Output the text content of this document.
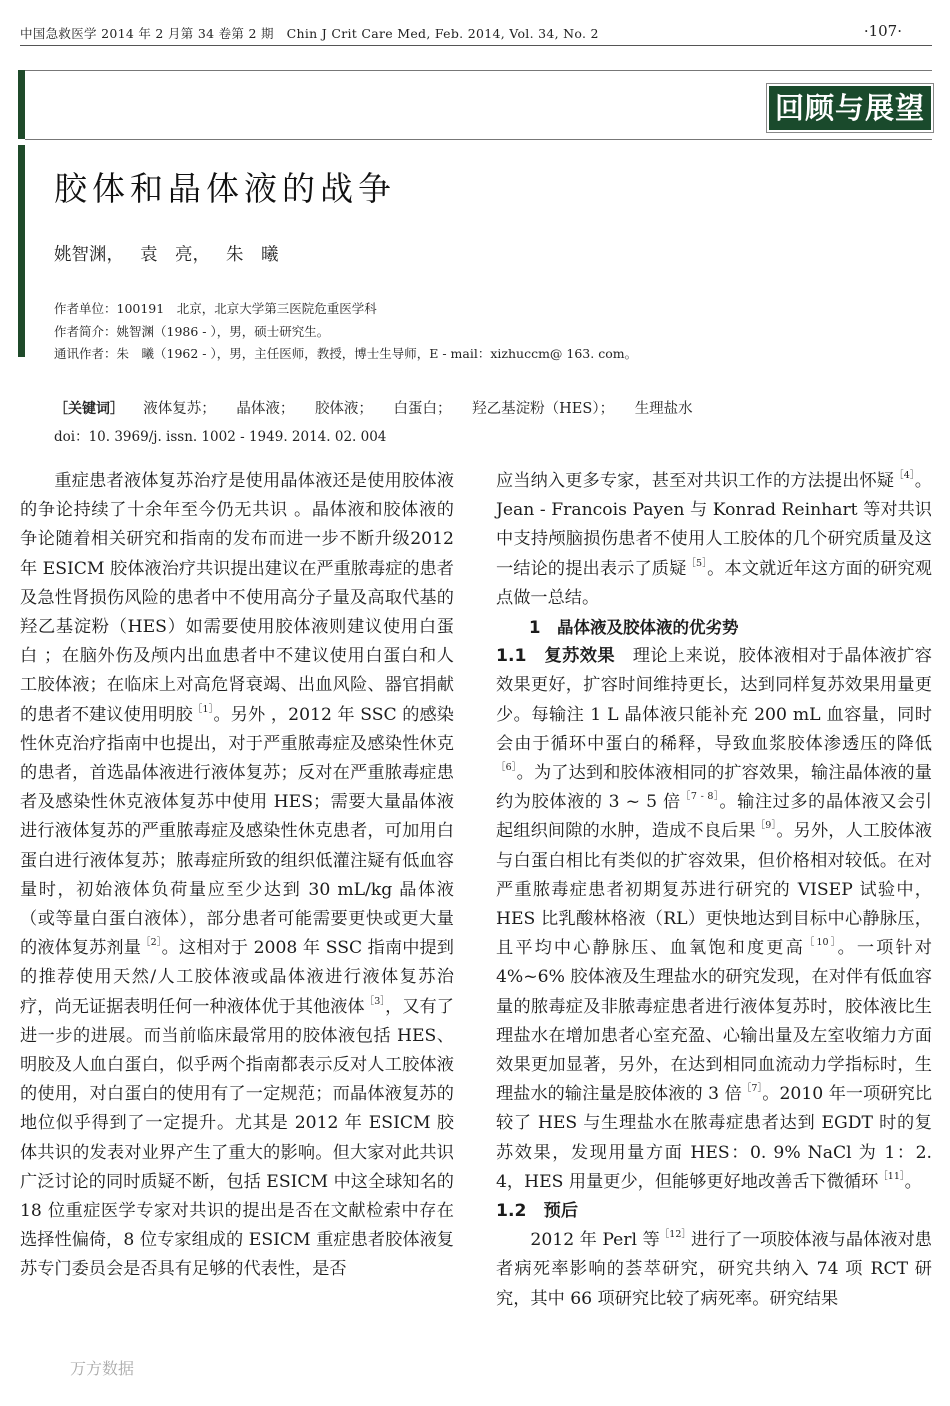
中国急救医学 2014 年 2 月第 34 卷第 2 期　Chin J Crit Care Med, Feb. 2014, Vol. 34, No. 2	·107·
回顾与展望
胶体和晶体液的战争
姚智渊， 袁　亮， 朱　曦
作者单位：100191　北京，北京大学第三医院危重医学科
作者简介：姚智渊（1986 - ），男，硕士研究生。
通讯作者：朱　曦（1962 - ），男，主任医师，教授，博士生导师，E - mail：xizhuccm@ 163. com。
［关键词］ 液体复苏； 晶体液； 胶体液； 白蛋白； 羟乙基淀粉（HES）； 生理盐水
doi：10. 3969/j. issn. 1002 - 1949. 2014. 02. 004

重症患者液体复苏治疗是使用晶体液还是使用胶体液的争论持续了十余年至今仍无共识 。晶体液和胶体液的争论随着相关研究和指南的发布而进一步不断升级2012　年 ESICM 胶体液治疗共识提出建议在严重脓毒症的患者及急性肾损伤风险的患者中不使用高分子量及高取代基的羟乙基淀粉（HES）如需要使用胶体液则建议使用白蛋白 ；在脑外伤及颅内出血患者中不建议使用白蛋白和人工胶体液；在临床上对高危肾衰竭、出血风险、器官捐献的患者不建议使用明胶$^{[1]}$。另外 ，2012 年 SSC 的感染性休克治疗指南中也提出，对于严重脓毒症及感染性休克的患者，首选晶体液进行液体复苏；反对在严重脓毒症患者及感染性休克液体复苏中使用 HES；需要大量晶体液进行液体复苏的严重脓毒症及感染性休克患者，可加用白蛋白进行液体复苏；脓毒症所致的组织低灌注疑有低血容量时，初始液体负荷量应至少达到 30 mL/kg 晶体液（或等量白蛋白液体），部分患者可能需要更快或更大量的液体复苏剂量$^{[2]}$。这相对于 2008 年 SSC 指南中提到的推荐使用天然/人工胶体液或晶体液进行液体复苏治疗，尚无证据表明任何一种液体优于其他液体$^{[3]}$，又有了进一步的进展。而当前临床最常用的胶体液包括 HES、明胶及人血白蛋白，似乎两个指南都表示反对人工胶体液的使用，对白蛋白的使用有了一定规范；而晶体液复苏的地位似乎得到了一定提升。尤其是 2012 年 ESICM 胶体共识的发表对业界产生了重大的影响。但大家对此共识广泛讨论的同时质疑不断，包括 ESICM 中这全球知名的 18 位重症医学专家对共识的提出是否在文献检索中存在选择性偏倚，8 位专家组成的 ESICM 重症患者胶体液复苏专门委员会是否具有足够的代表性，是否

应当纳入更多专家，甚至对共识工作的方法提出怀疑$^{[4]}$。Jean - Francois Payen 与 Konrad Reinhart 等对共识中支持颅脑损伤患者不使用人工胶体的几个研究质量及这一结论的提出表示了质疑$^{[5]}$。本文就近年这方面的研究观点做一总结。

1　晶体液及胶体液的优劣势

1.1　复苏效果　理论上来说，胶体液相对于晶体液扩容效果更好，扩容时间维持更长，达到同样复苏效果用量更少。每输注 1 L 晶体液只能补充 200 mL 血容量，同时会由于循环中蛋白的稀释，导致血浆胶体渗透压的降低$^{[6]}$。为了达到和胶体液相同的扩容效果，输注晶体液的量约为胶体液的 3 ~ 5 倍$^{[7 - 8]}$。输注过多的晶体液又会引起组织间隙的水肿，造成不良后果$^{[9]}$。另外，人工胶体液与白蛋白相比有类似的扩容效果，但价格相对较低。在对严重脓毒症患者初期复苏进行研究的 VISEP 试验中，HES 比乳酸林格液（RL）更快地达到目标中心静脉压，且平均中心静脉压、血氧饱和度更高$^{[10]}$。一项针对 4%~6% 胶体液及生理盐水的研究发现，在对伴有低血容量的脓毒症及非脓毒症患者进行液体复苏时，胶体液比生理盐水在增加患者心室充盈、心输出量及左室收缩力方面效果更加显著，另外，在达到相同血流动力学指标时，生理盐水的输注量是胶体液的 3 倍$^{[7]}$。2010 年一项研究比较了 HES 与生理盐水在脓毒症患者达到 EGDT 时的复苏效果，发现用量方面 HES：0. 9% NaCl 为 1：2. 4，HES 用量更少，但能够更好地改善舌下微循环$^{[11]}$。

1.2　预后

2012 年 Perl 等$^{[12]}$进行了一项胶体液与晶体液对患者病死率影响的荟萃研究，研究共纳入 74 项 RCT 研究，其中 66 项研究比较了病死率。研究结果

万方数据
